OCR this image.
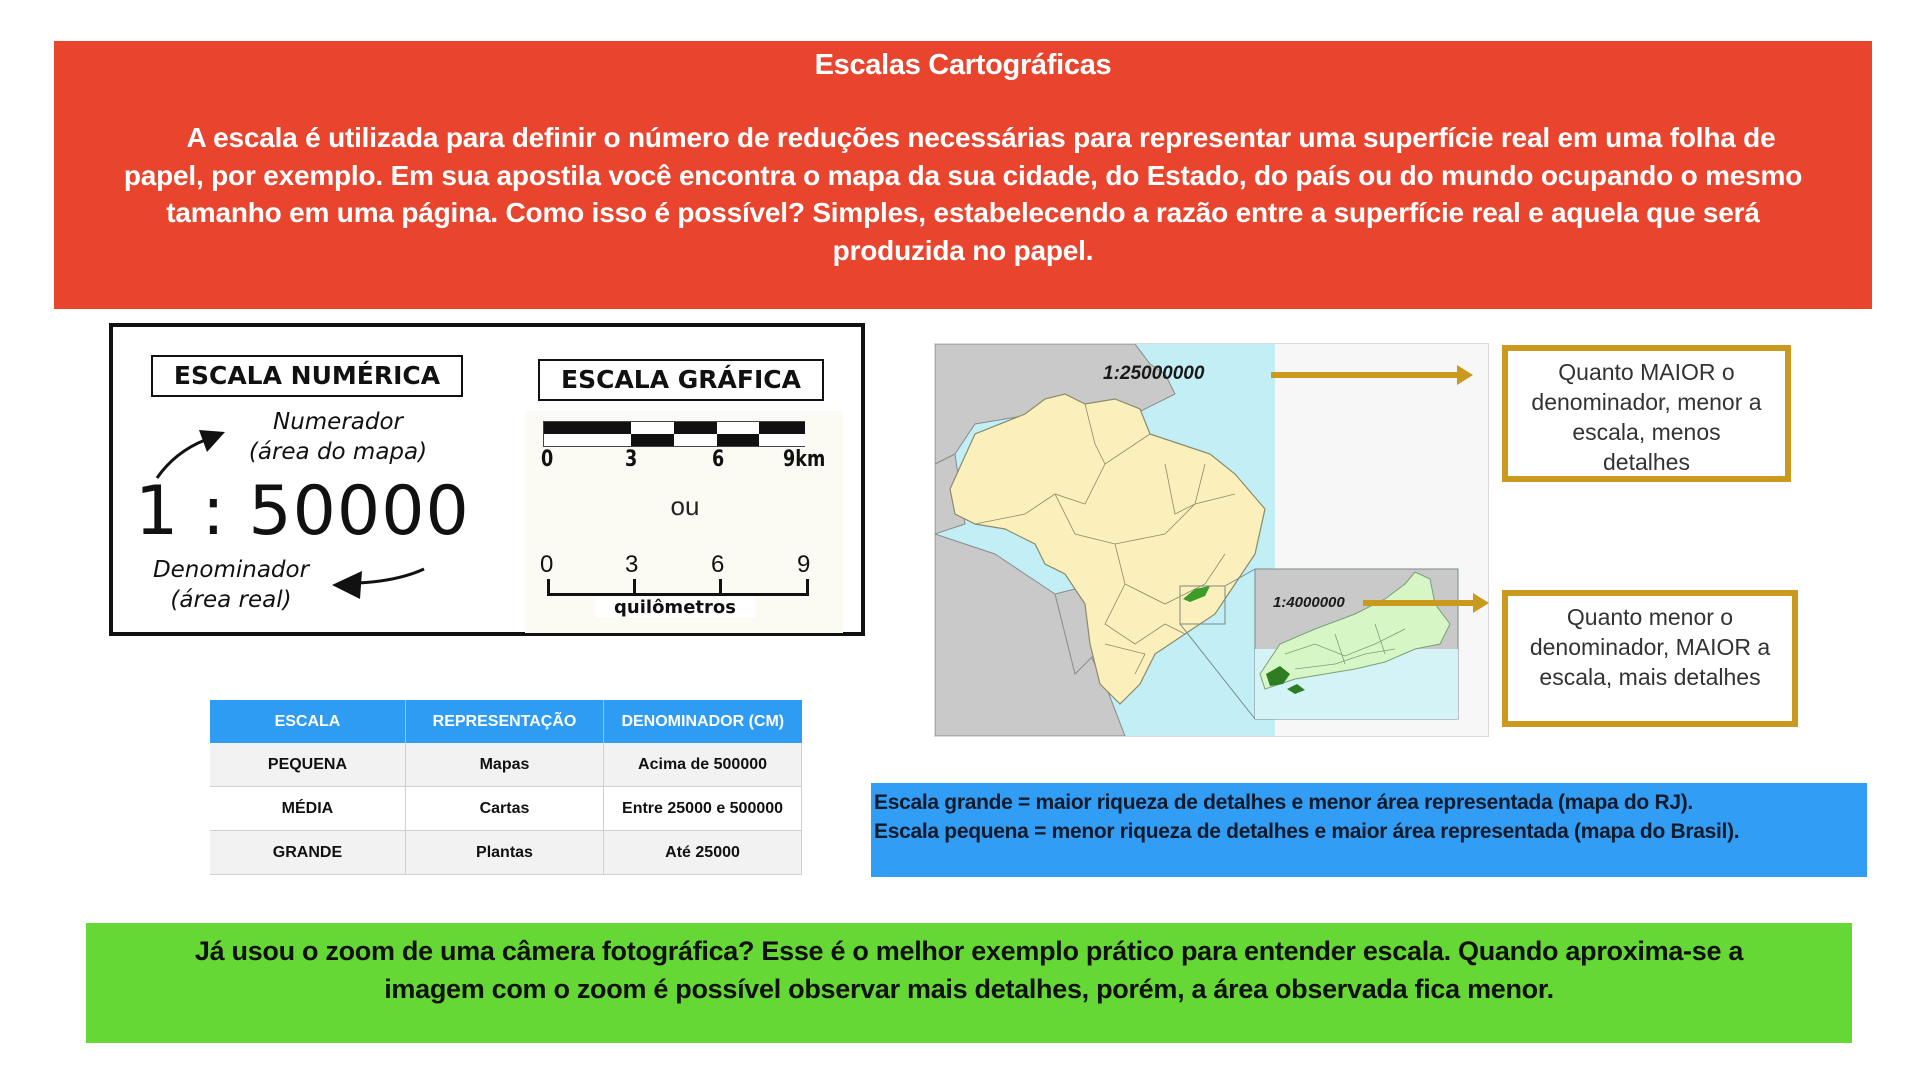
Escalas Cartográficas
A escala é utilizada para definir o número de reduções necessárias para representar uma superfície real em uma folha de
papel, por exemplo. Em sua apostila você encontra o mapa da sua cidade, do Estado, do país ou do mundo ocupando o mesmo
tamanho em uma página. Como isso é possível? Simples, estabelecendo a razão entre a superfície real e aquela que será
produzida no papel.
ESCALA NUMÉRICA
Numerador
(área do mapa)
1 : 50000
Denominador
(área real)
ESCALA GRÁFICA
0	3	6	9km
ou
0	3	6	9
quilômetros
ESCALA	REPRESENTAÇÃO	DENOMINADOR (CM)
PEQUENA	Mapas	Acima de 500000
MÉDIA	Cartas	Entre 25000 e 500000
GRANDE	Plantas	Até 25000
1:25000000
1:4000000
Quanto MAIOR o
denominador, menor a
escala, menos
detalhes
Quanto menor o
denominador, MAIOR a
escala, mais detalhes
Escala grande = maior riqueza de detalhes e menor área representada (mapa do RJ).
Escala pequena = menor riqueza de detalhes e maior área representada (mapa do Brasil).
Já usou o zoom de uma câmera fotográfica? Esse é o melhor exemplo prático para entender escala. Quando aproxima-se a
imagem com o zoom é possível observar mais detalhes, porém, a área observada fica menor.
